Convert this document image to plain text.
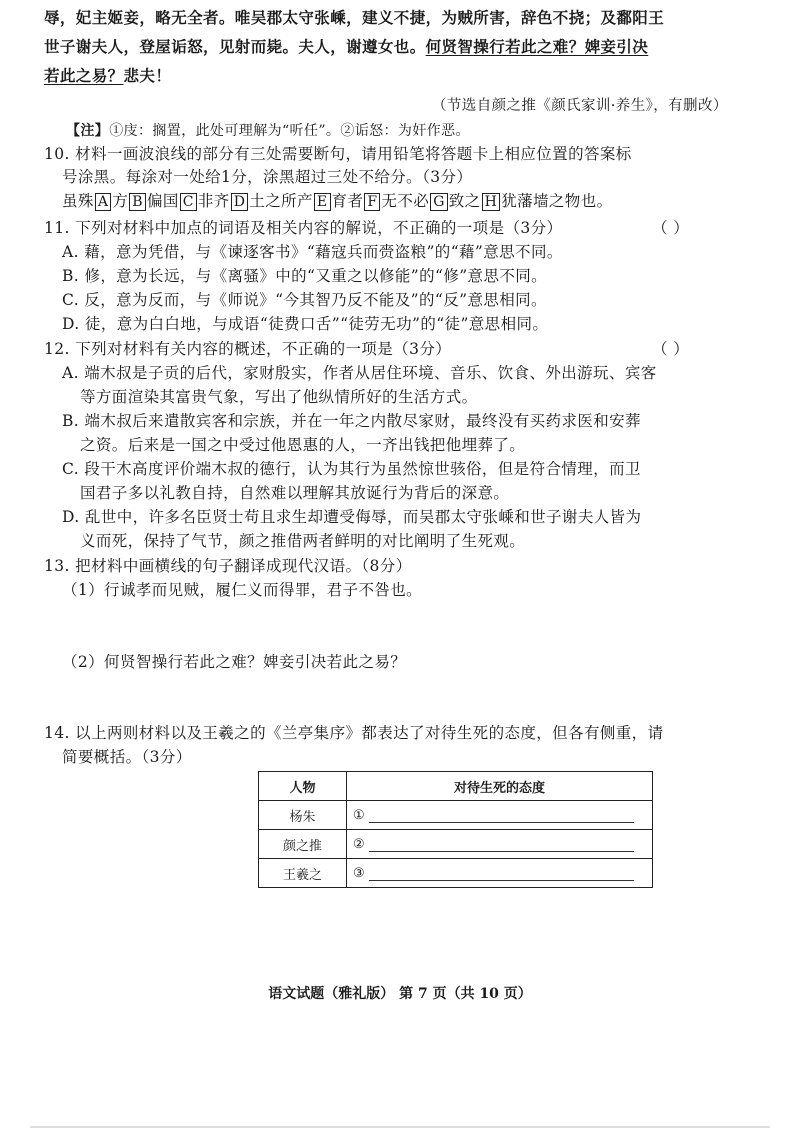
辱，妃主姬妾，略无全者。唯吴郡太守张嵊，建义不捷，为贼所害，辞色不挠；及鄱阳王
世子谢夫人，登屋诟怒，见射而毙。夫人，谢遵女也。何贤智操行若此之难？婢妾引决
若此之易？悲夫！
（节选自颜之推《颜氏家训·养生》，有删改）
【注】①庋：搁置，此处可理解为“听任”。②诟怒：为奸作恶。
10. 材料一画波浪线的部分有三处需要断句，请用铅笔将答题卡上相应位置的答案标
号涂黑。每涂对一处给1分，涂黑超过三处不给分。（3分）
虽殊 A 方 B 偏国 C 非齐 D 土之所产 E 育者 F 无不必 G 致之 H 犹藩墙之物也。
11. 下列对材料中加点的词语及相关内容的解说，不正确的一项是（3分）	（ ）
A. 藉，意为凭借，与《谏逐客书》“藉寇兵而赍盗粮”的“藉”意思不同。
B. 修，意为长远，与《离骚》中的“又重之以修能”的“修”意思不同。
C. 反，意为反而，与《师说》“今其智乃反不能及”的“反”意思相同。
D. 徒，意为白白地，与成语“徒费口舌”“徒劳无功”的“徒”意思相同。
12. 下列对材料有关内容的概述，不正确的一项是（3分）	（ ）
A. 端木叔是子贡的后代，家财殷实，作者从居住环境、音乐、饮食、外出游玩、宾客
等方面渲染其富贵气象，写出了他纵情所好的生活方式。
B. 端木叔后来遣散宾客和宗族，并在一年之内散尽家财，最终没有买药求医和安葬
之资。后来是一国之中受过他恩惠的人，一齐出钱把他埋葬了。
C. 段干木高度评价端木叔的德行，认为其行为虽然惊世骇俗，但是符合情理，而卫
国君子多以礼教自持，自然难以理解其放诞行为背后的深意。
D. 乱世中，许多名臣贤士苟且求生却遭受侮辱，而吴郡太守张嵊和世子谢夫人皆为
义而死，保持了气节，颜之推借两者鲜明的对比阐明了生死观。
13. 把材料中画横线的句子翻译成现代汉语。（8分）
（1）行诚孝而见贼，履仁义而得罪，君子不咎也。
（2）何贤智操行若此之难？婢妾引决若此之易？
14. 以上两则材料以及王羲之的《兰亭集序》都表达了对待生死的态度，但各有侧重，请
简要概括。（3分）
人物	对待生死的态度
杨朱	①
颜之推	②
王羲之	③
语文试题（雅礼版） 第 7 页（共 10 页）
